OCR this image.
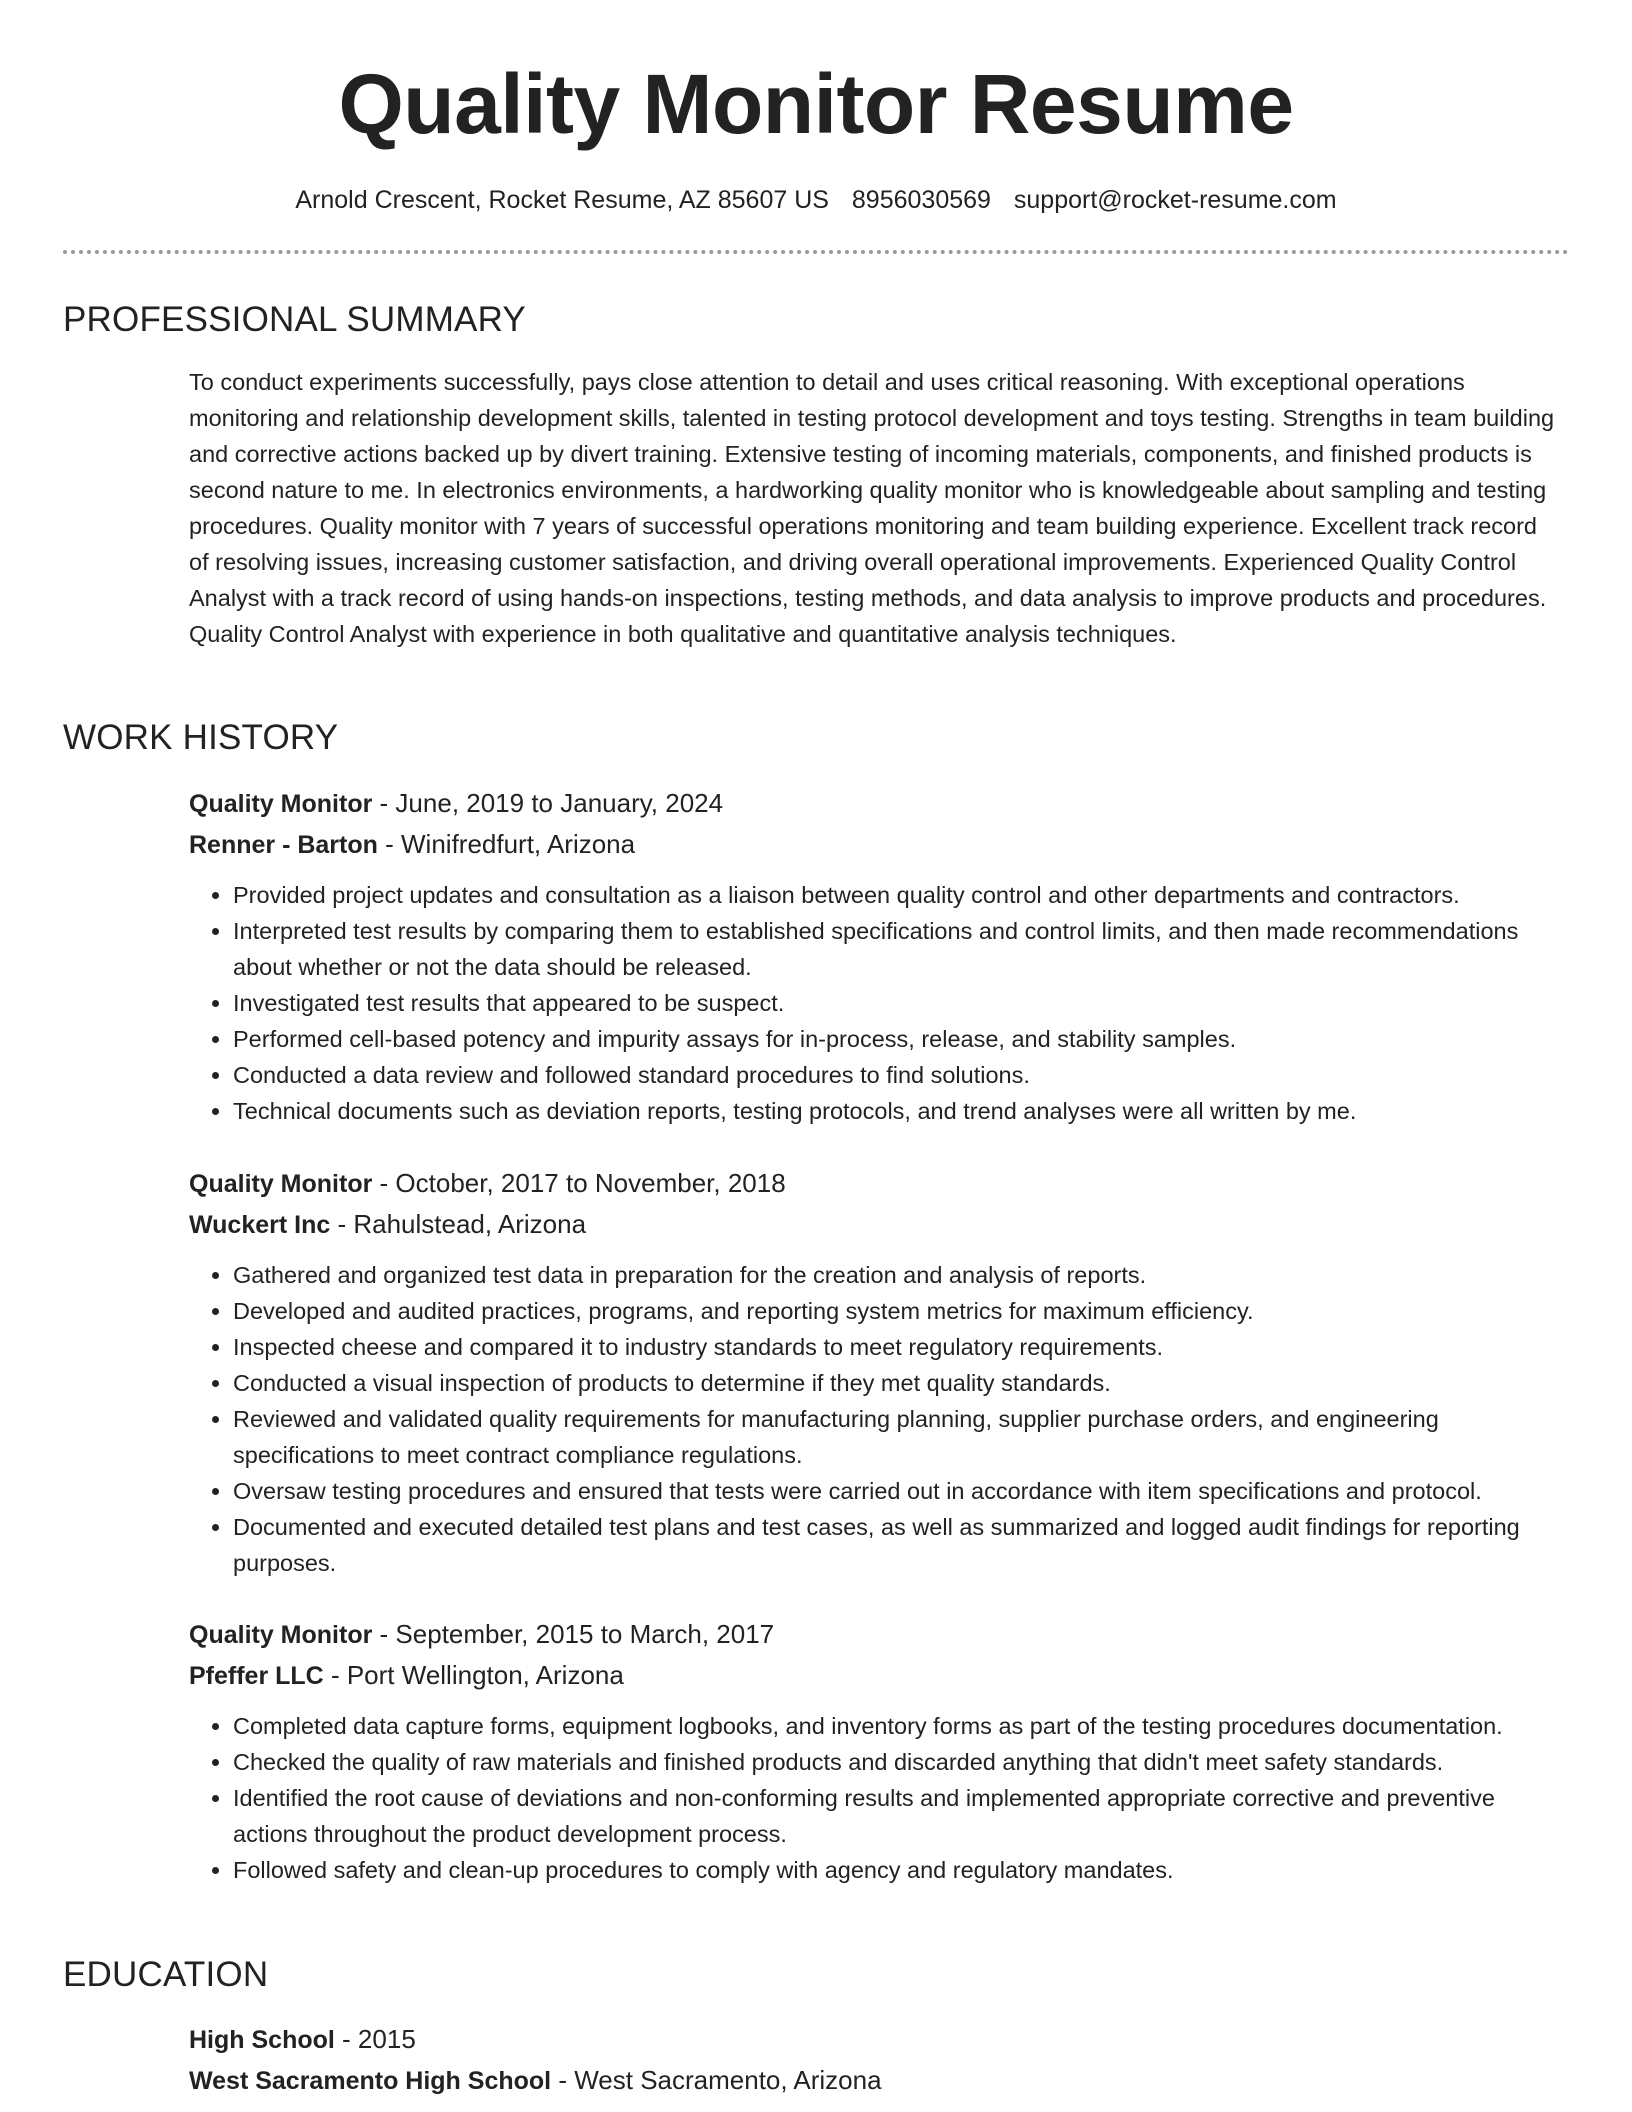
Quality Monitor Resume
Arnold Crescent, Rocket Resume, AZ 85607 US 8956030569 support@rocket-resume.com
PROFESSIONAL SUMMARY

To conduct experiments successfully, pays close attention to detail and uses critical reasoning. With exceptional operations monitoring and relationship development skills, talented in testing protocol development and toys testing. Strengths in team building and corrective actions backed up by divert training. Extensive testing of incoming materials, components, and finished products is second nature to me. In electronics environments, a hardworking quality monitor who is knowledgeable about sampling and testing procedures. Quality monitor with 7 years of successful operations monitoring and team building experience. Excellent track record of resolving issues, increasing customer satisfaction, and driving overall operational improvements. Experienced Quality Control Analyst with a track record of using hands-on inspections, testing methods, and data analysis to improve products and procedures. Quality Control Analyst with experience in both qualitative and quantitative analysis techniques.

WORK HISTORY

Quality Monitor - June, 2019 to January, 2024

Renner - Barton - Winifredfurt, Arizona

• Provided project updates and consultation as a liaison between quality control and other departments and contractors.
• Interpreted test results by comparing them to established specifications and control limits, and then made recommendations about whether or not the data should be released.
• Investigated test results that appeared to be suspect.
• Performed cell-based potency and impurity assays for in-process, release, and stability samples.
• Conducted a data review and followed standard procedures to find solutions.
• Technical documents such as deviation reports, testing protocols, and trend analyses were all written by me.

Quality Monitor - October, 2017 to November, 2018

Wuckert Inc - Rahulstead, Arizona

• Gathered and organized test data in preparation for the creation and analysis of reports.
• Developed and audited practices, programs, and reporting system metrics for maximum efficiency.
• Inspected cheese and compared it to industry standards to meet regulatory requirements.
• Conducted a visual inspection of products to determine if they met quality standards.
• Reviewed and validated quality requirements for manufacturing planning, supplier purchase orders, and engineering specifications to meet contract compliance regulations.
• Oversaw testing procedures and ensured that tests were carried out in accordance with item specifications and protocol.
• Documented and executed detailed test plans and test cases, as well as summarized and logged audit findings for reporting purposes.

Quality Monitor - September, 2015 to March, 2017

Pfeffer LLC - Port Wellington, Arizona

• Completed data capture forms, equipment logbooks, and inventory forms as part of the testing procedures documentation.
• Checked the quality of raw materials and finished products and discarded anything that didn't meet safety standards.
• Identified the root cause of deviations and non-conforming results and implemented appropriate corrective and preventive actions throughout the product development process.
• Followed safety and clean-up procedures to comply with agency and regulatory mandates.
EDUCATION

High School - 2015

West Sacramento High School - West Sacramento, Arizona
